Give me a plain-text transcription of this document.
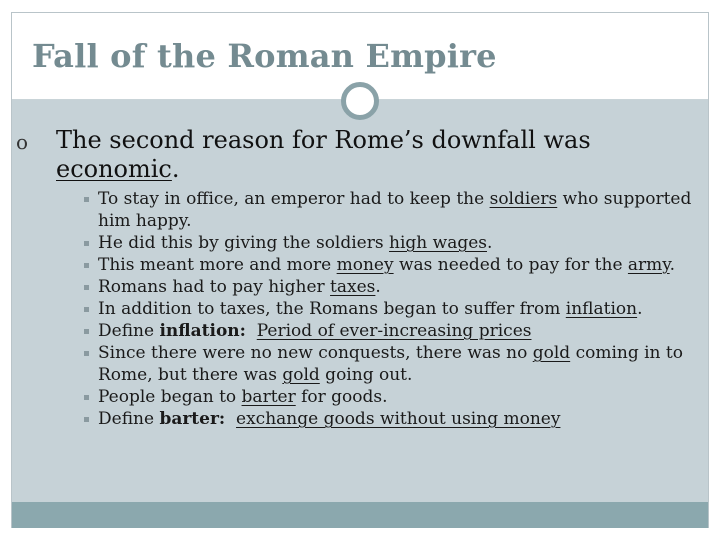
Fall of the Roman Empire
o The second reason for Rome’s downfall was economic.
To stay in office, an emperor had to keep the soldiers who supported him happy.
He did this by giving the soldiers high wages.
This meant more and more money was needed to pay for the army.
Romans had to pay higher taxes.
In addition to taxes, the Romans began to suffer from inflation.
Define inflation: Period of ever-increasing prices
Since there were no new conquests, there was no gold coming in to Rome, but there was gold going out.
People began to barter for goods.
Define barter: exchange goods without using money
